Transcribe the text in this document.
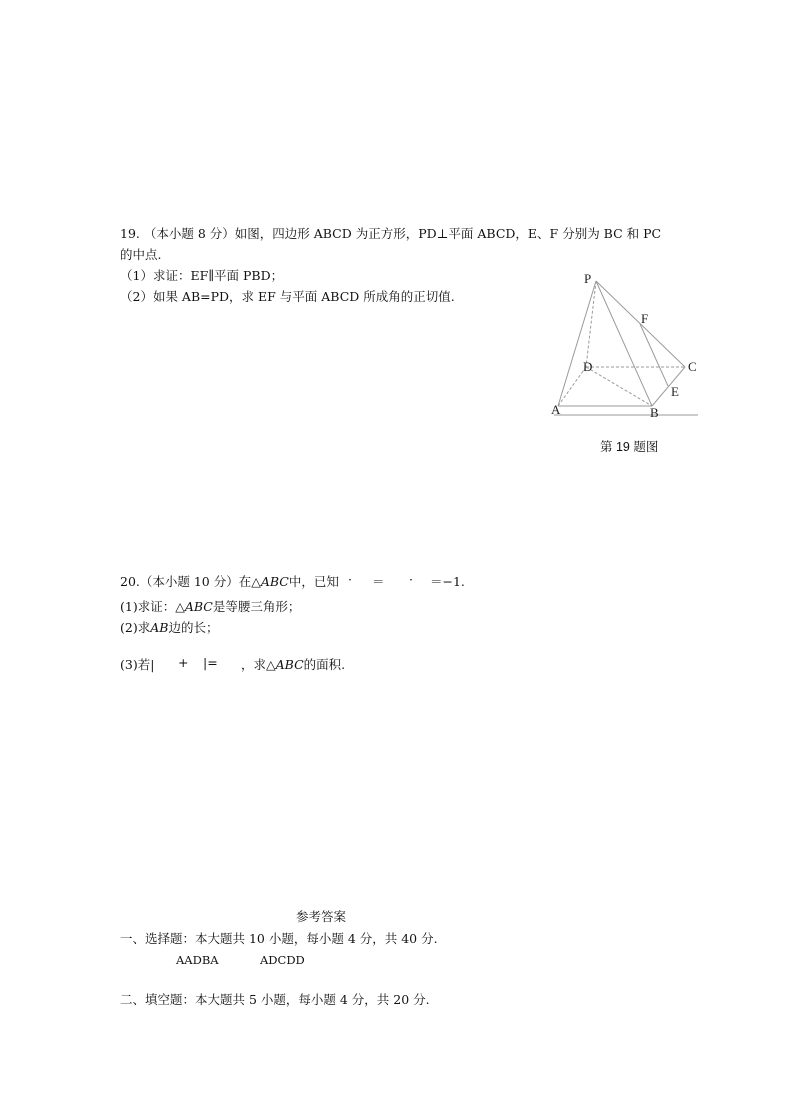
19. （本小题 8 分）如图，四边形 ABCD 为正方形，PD⊥平面 ABCD，E、F 分别为 BC 和 PC
的中点.
（1）求证：EF∥平面 PBD；
（2）如果 AB=PD，求 EF 与平面 ABCD 所成角的正切值.
P
F
D	C
E
A	B
第 19 题图
20.（本小题 10 分）在△ABC中，已知 · ＝ · ＝−1.
(1)求证：△ABC是等腰三角形；
(2)求AB边的长；
(3)若| + |= ，求△ABC的面积.
参考答案
一、选择题：本大题共 10 小题，每小题 4 分，共 40 分.
AADBA	ADCDD
二、填空题：本大题共 5 小题，每小题 4 分，共 20 分.
